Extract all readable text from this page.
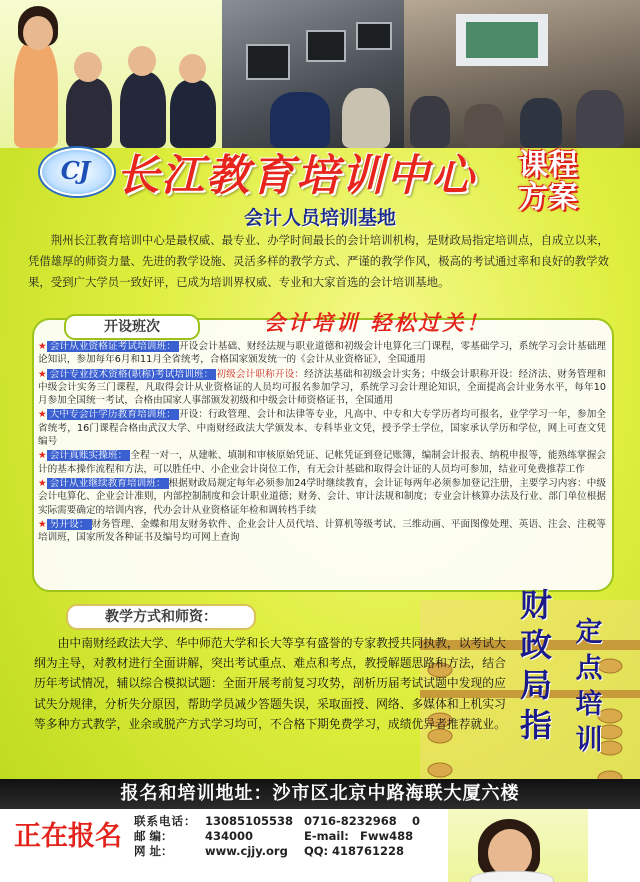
CJ 长江教育培训中心 课程
方案
会计人员培训基地

荆州长江教育培训中心是最权威、最专业、办学时间最长的会计培训机构，是财政局指定培训点，自成立以来，凭借雄厚的师资力量、先进的教学设施、灵活多样的教学方式、严谨的教学作风，极高的考试通过率和良好的教学效果，受到广大学员一致好评，已成为培训界权威、专业和大家首选的会计培训基地。

开设班次	会计培训 轻松过关！

★ 会计从业资格证考试培训班： 开设会计基础、财经法规与职业道德和初级会计电算化三门课程，零基础学习，系统学习会计基础理论知识，参加每年6月和11月全省统考，合格国家颁发统一的《会计从业资格证》，全国通用

★ 会计专业技术资格(职称)考试培训班： 初级会计职称开设：经济法基础和初级会计实务；中级会计职称开设：经济法、财务管理和中级会计实务三门课程，凡取得会计从业资格证的人员均可报名参加学习，系统学习会计理论知识，全面提高会计业务水平，每年10月参加全国统一考试，合格由国家人事部颁发初级和中级会计师资格证书，全国通用

★ 大中专会计学历教育培训班： 开设：行政管理、会计和法律等专业，凡高中、中专和大专学历者均可报名，业学学习一年，参加全省统考，16门课程合格由武汉大学、中南财经政法大学颁发本、专科毕业文凭，授予学士学位，国家承认学历和学位，网上可查文凭编号

★ 会计真账实操班： 全程一对一，从建帐、填制和审核原始凭证、记帐凭证到登记账簿，编制会计报表、纳税申报等，能熟练掌握会计的基本操作流程和方法，可以胜任中、小企业会计岗位工作，有无会计基础和取得会计证的人员均可参加，结业可免费推荐工作

★ 会计从业继续教育培训班： 根据财政局规定每年必须参加24学时继续教育，会计证每两年必须参加登记注册，主要学习内容：中级会计电算化、企业会计准则，内部控制制度和会计职业道德；财务、会计、审计法规和制度；专业会计核算办法及行业、部门单位根据实际需要确定的培训内容，代办会计从业资格证年检和调转档手续

★ 另开设： 财务管理、金蝶和用友财务软件、企业会计人员代培、计算机等级考试、三维动画、平面图像处理、英语、注会、注税等培训班，国家所发各种证书及编号均可网上查询

财政局指
定点培训
教学方式和师资：

由中南财经政法大学、华中师范大学和长大等享有盛誉的专家教授共同执教，以考试大纲为主导，对教材进行全面讲解，突出考试重点、难点和考点，教授解题思路和方法，结合历年考试情况，辅以综合模拟试题：全面开展考前复习攻势，剖析历届考试试题中发现的应试失分规律，分析失分原因，帮助学员减少答题失误，采取面授、网络、多媒体和上机实习等多种方式教学，业余或脱产方式学习均可，不合格下期免费学习，成绩优异者推荐就业。

报名和培训地址：沙市区北京中路海联大厦六楼
正在报名 联系电话： 13085105538 0716-8232968 0
邮 编：	434000	E-mail: Fww488
网 址：	www.cjjy.org QQ: 418761228
